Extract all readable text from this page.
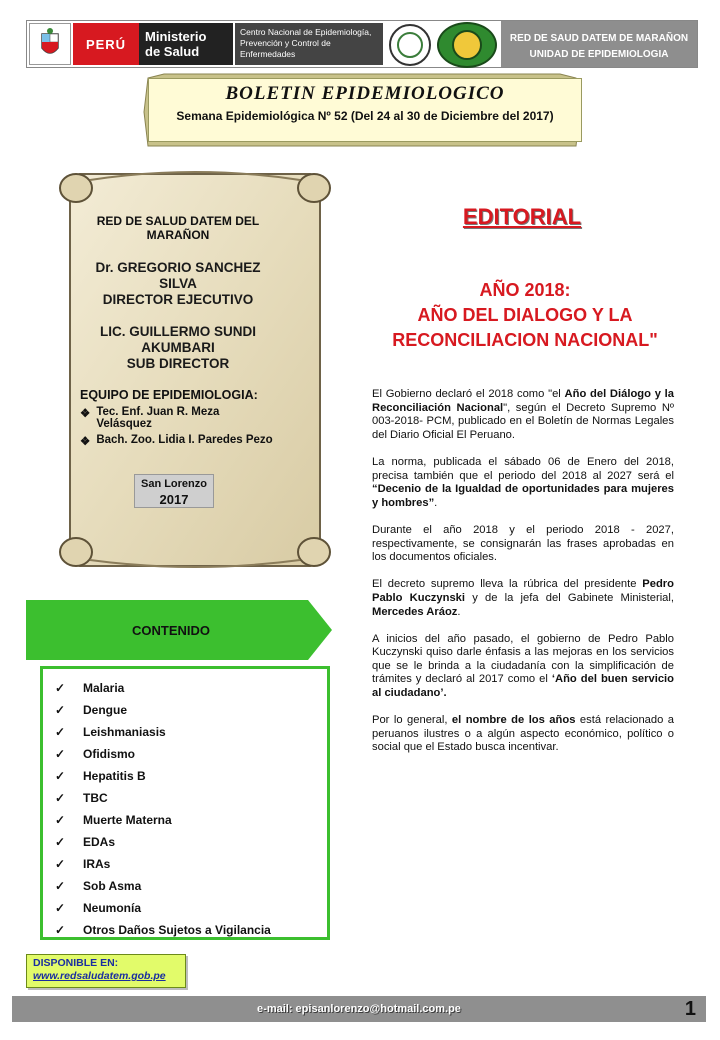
PERÚ	Ministerio
de Salud
Centro Nacional de Epidemiología,
Prevención y Control de
Enfermedades
RED DE SAUD DATEM DE MARAÑON
UNIDAD DE EPIDEMIOLOGIA
BOLETIN EPIDEMIOLOGICO
Semana Epidemiológica Nº 52 (Del 24 al 30 de Diciembre del 2017)
RED DE SALUD DATEM DEL
MARAÑON
Dr. GREGORIO SANCHEZ SILVA
DIRECTOR EJECUTIVO
LIC. GUILLERMO SUNDI AKUMBARI
SUB DIRECTOR
EQUIPO DE EPIDEMIOLOGIA:
❖ Tec. Enf. Juan R. Meza Velásquez
❖ Bach. Zoo. Lidia I. Paredes Pezo
San Lorenzo
2017
EDITORIAL
AÑO 2018:
AÑO DEL DIALOGO Y LA
RECONCILIACION NACIONAL"

El Gobierno declaró el 2018 como "el Año del Diálogo y la Reconciliación Nacional", según el Decreto Supremo Nº 003-2018- PCM, publicado en el Boletín de Normas Legales del Diario Oficial El Peruano.

La norma, publicada el sábado 06 de Enero del 2018, precisa también que el periodo del 2018 al 2027 será el “Decenio de la Igualdad de oportunidades para mujeres y hombres”.

Durante el año 2018 y el periodo 2018 - 2027, respectivamente, se consignarán las frases aprobadas en los documentos oficiales.

El decreto supremo lleva la rúbrica del presidente Pedro Pablo Kuczynski y de la jefa del Gabinete Ministerial, Mercedes Aráoz.

A inicios del año pasado, el gobierno de Pedro Pablo Kuczynski quiso darle énfasis a las mejoras en los servicios que se le brinda a la ciudadanía con la simplificación de trámites y declaró al 2017 como el ‘Año del buen servicio al ciudadano’.

Por lo general, el nombre de los años está relacionado a peruanos ilustres o a algún aspecto económico, político o social que el Estado busca incentivar.

CONTENIDO
✓	Malaria
✓	Dengue
✓	Leishmaniasis
✓	Ofidismo
✓	Hepatitis B
✓	TBC
✓	Muerte Materna
✓	EDAs
✓	IRAs
✓	Sob Asma
✓	Neumonía
✓	Otros Daños Sujetos a Vigilancia
DISPONIBLE EN:
www.redsaludatem.gob.pe
e-mail: episanlorenzo@hotmail.com.pe	1
